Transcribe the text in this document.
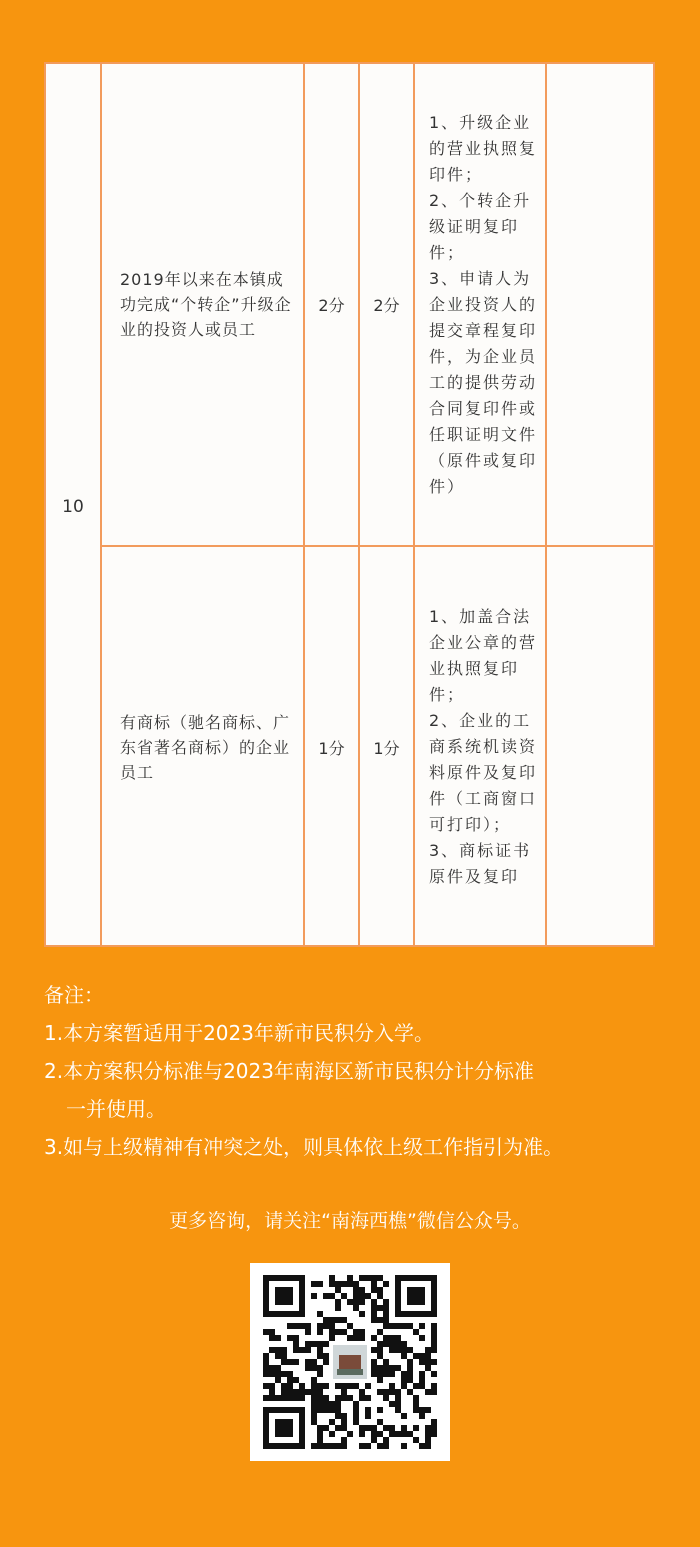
10
2019年以来在本镇成功完成“个转企”升级企业的投资人或员工
2分	2分
1、升级企业的营业执照复印件；
2、个转企升级证明复印件；
3、申请人为企业投资人的提交章程复印件，为企业员工的提供劳动合同复印件或任职证明文件（原件或复印件）
有商标（驰名商标、广东省著名商标）的企业员工
1分	1分
1、加盖合法企业公章的营业执照复印件；
2、企业的工商系统机读资料原件及复印件（工商窗口可打印）；
3、商标证书原件及复印
备注：
1.本方案暂适用于2023年新市民积分入学。
2.本方案积分标准与2023年南海区新市民积分计分标准
一并使用。
3.如与上级精神有冲突之处，则具体依上级工作指引为准。
更多咨询，请关注“南海西樵”微信公众号。
